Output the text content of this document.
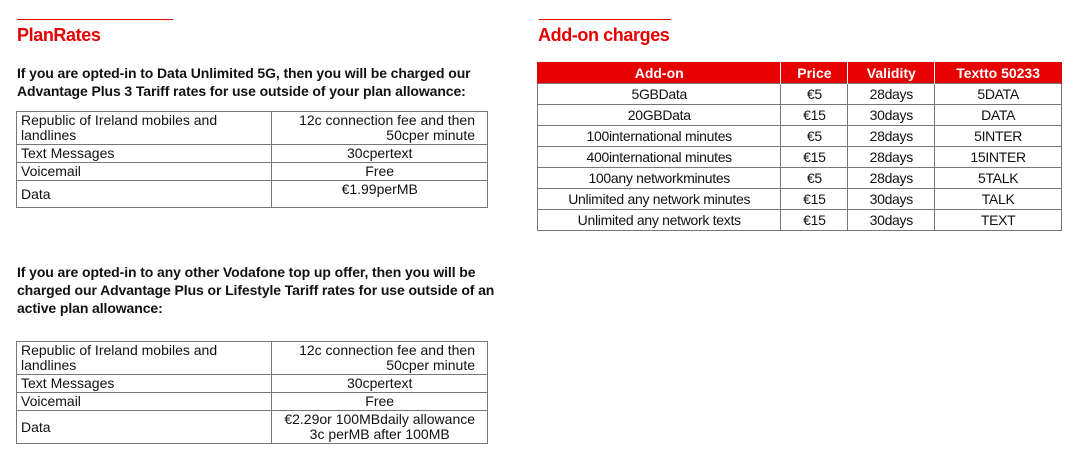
PlanRates

If you are opted-in to Data Unlimited 5G, then you will be charged our Advantage Plus 3 Tariff rates for use outside of your plan allowance:

Republic of Ireland mobiles and landlines	12c connection fee and then 50cper minute
Text Messages	30cpertext
Voicemail	Free
Data	€1.99perMB

If you are opted-in to any other Vodafone top up offer, then you will be charged our Advantage Plus or Lifestyle Tariff rates for use outside of an active plan allowance:

Republic of Ireland mobiles and landlines	12c connection fee and then 50cper minute
Text Messages	30cpertext
Voicemail	Free
Data	€2.29or 100MBdaily allowance 3c perMB after 100MB
Add-on charges
Add-on	Price	Validity	Textto 50233
5GBData	€5	28days	5DATA
20GBData	€15	30days	DATA
100international minutes	€5	28days	5INTER
400international minutes	€15	28days	15INTER
100any networkminutes	€5	28days	5TALK
Unlimited any network minutes	€15	30days	TALK
Unlimited any network texts	€15	30days	TEXT
